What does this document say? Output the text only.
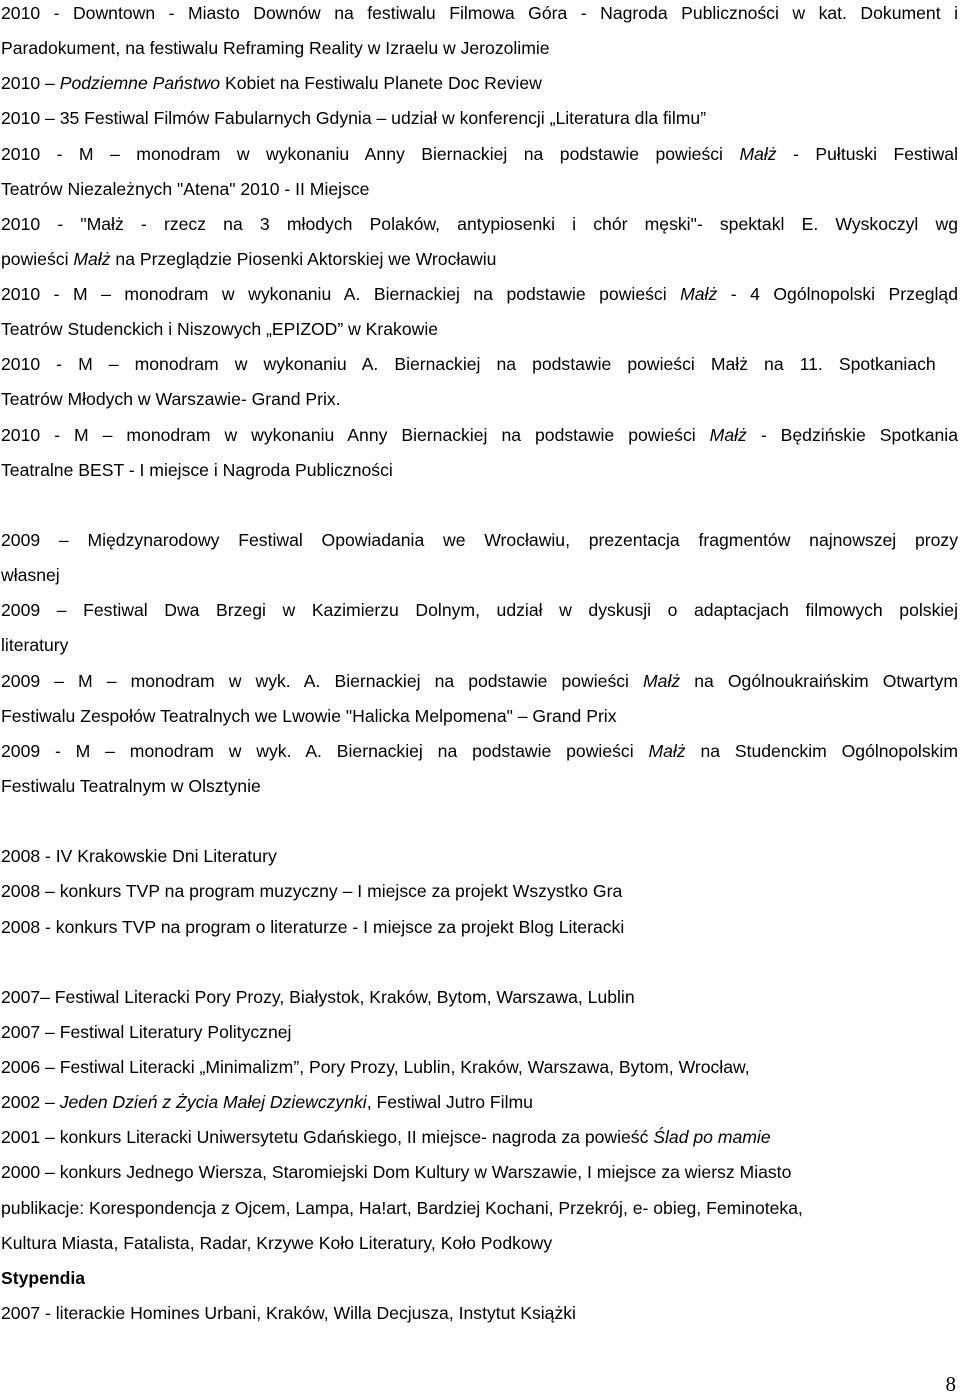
2010 - Downtown - Miasto Downów na festiwalu Filmowa Góra - Nagroda Publiczności w kat. Dokument i
Paradokument, na festiwalu Reframing Reality w Izraelu w Jerozolimie
2010 – Podziemne Państwo Kobiet na Festiwalu Planete Doc Review
2010 – 35 Festiwal Filmów Fabularnych Gdynia – udział w konferencji „Literatura dla filmu”
2010 - M – monodram w wykonaniu Anny Biernackiej na podstawie powieści Małż - Pułtuski Festiwal
Teatrów Niezależnych "Atena" 2010 - II Miejsce
2010 - "Małż - rzecz na 3 młodych Polaków, antypiosenki i chór męski"- spektakl E. Wyskoczyl wg
powieści Małż na Przeglądzie Piosenki Aktorskiej we Wrocławiu
2010 - M – monodram w wykonaniu A. Biernackiej na podstawie powieści Małż - 4 Ogólnopolski Przegląd
Teatrów Studenckich i Niszowych „EPIZOD” w Krakowie
2010 - M – monodram w wykonaniu A. Biernackiej na podstawie powieści Małż na 11. Spotkaniach
Teatrów Młodych w Warszawie- Grand Prix.
2010 - M – monodram w wykonaniu Anny Biernackiej na podstawie powieści Małż - Będzińskie Spotkania
Teatralne BEST - I miejsce i Nagroda Publiczności
2009 – Międzynarodowy Festiwal Opowiadania we Wrocławiu, prezentacja fragmentów najnowszej prozy
własnej
2009 – Festiwal Dwa Brzegi w Kazimierzu Dolnym, udział w dyskusji o adaptacjach filmowych polskiej
literatury
2009 – M – monodram w wyk. A. Biernackiej na podstawie powieści Małż na Ogólnoukraińskim Otwartym
Festiwalu Zespołów Teatralnych we Lwowie "Halicka Melpomena" – Grand Prix
2009 - M – monodram w wyk. A. Biernackiej na podstawie powieści Małż na Studenckim Ogólnopolskim
Festiwalu Teatralnym w Olsztynie
2008 - IV Krakowskie Dni Literatury
2008 – konkurs TVP na program muzyczny – I miejsce za projekt Wszystko Gra
2008 - konkurs TVP na program o literaturze - I miejsce za projekt Blog Literacki
2007– Festiwal Literacki Pory Prozy, Białystok, Kraków, Bytom, Warszawa, Lublin
2007 – Festiwal Literatury Politycznej
2006 – Festiwal Literacki „Minimalizm”, Pory Prozy, Lublin, Kraków, Warszawa, Bytom, Wrocław,
2002 – Jeden Dzień z Życia Małej Dziewczynki, Festiwal Jutro Filmu
2001 – konkurs Literacki Uniwersytetu Gdańskiego, II miejsce- nagroda za powieść Ślad po mamie
2000 – konkurs Jednego Wiersza, Staromiejski Dom Kultury w Warszawie, I miejsce za wiersz Miasto
publikacje: Korespondencja z Ojcem, Lampa, Ha!art, Bardziej Kochani, Przekrój, e- obieg, Feminoteka,
Kultura Miasta, Fatalista, Radar, Krzywe Koło Literatury, Koło Podkowy
Stypendia
2007 - literackie Homines Urbani, Kraków, Willa Decjusza, Instytut Książki
8
